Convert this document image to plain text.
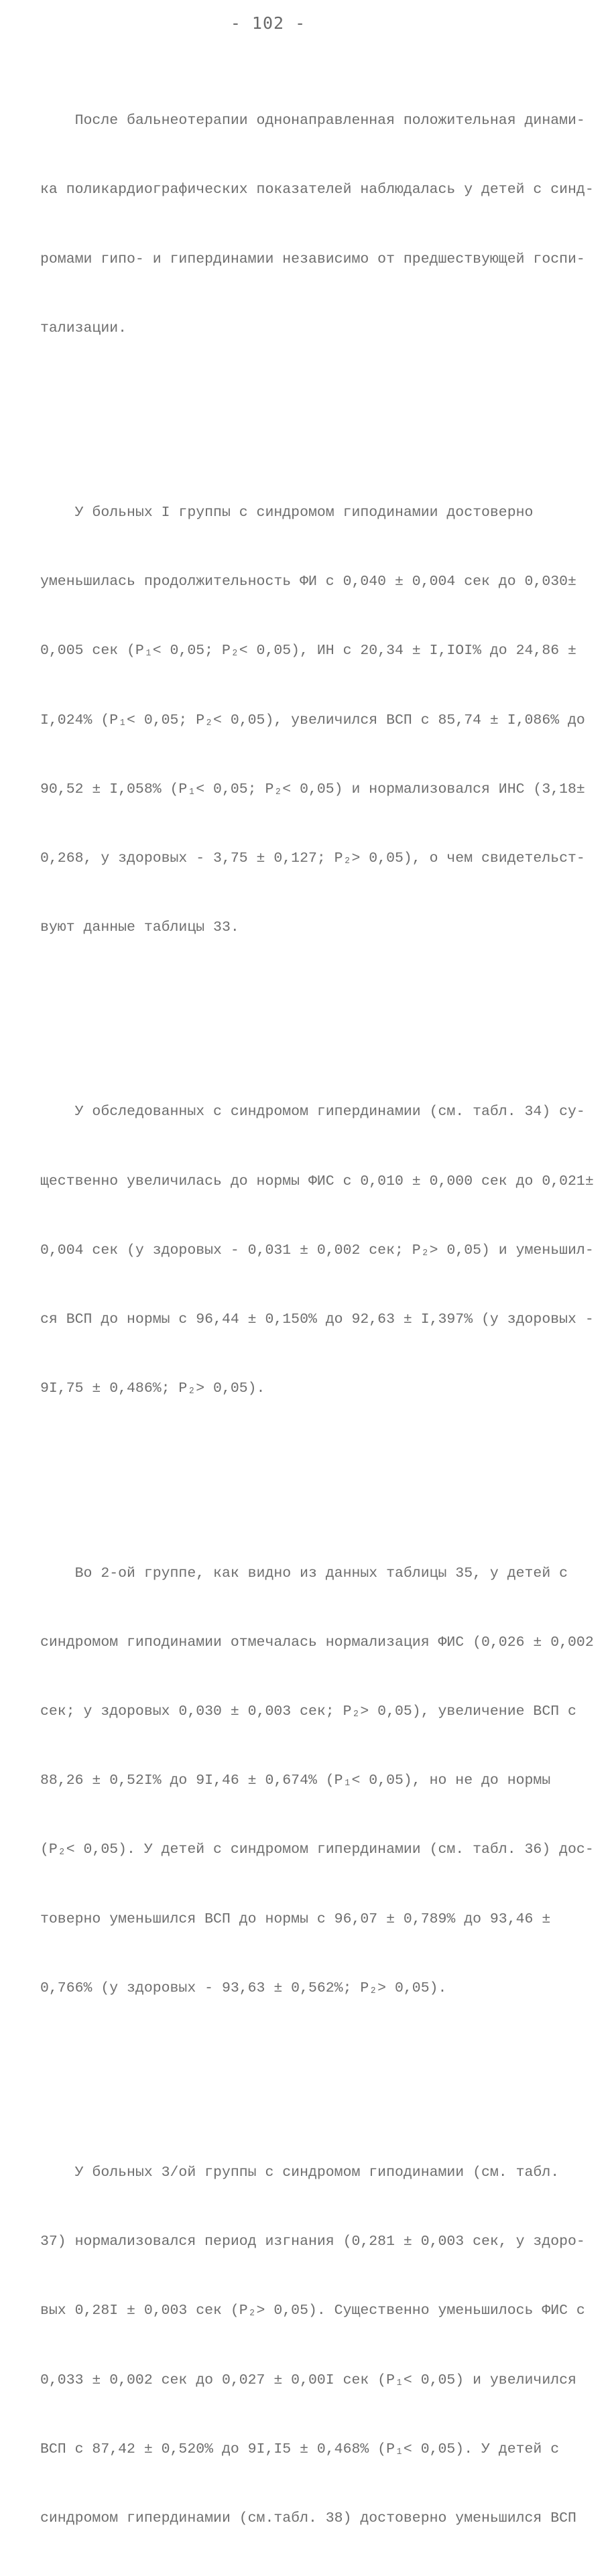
- 102 -

После бальнеотерапии однонаправленная положительная динами-

ка поликардиографических показателей наблюдалась у детей с синд-

ромами гипо- и гипердинамии независимо от предшествующей госпи-

тализации.

У больных I группы с синдромом гиподинамии достоверно

уменьшилась продолжительность ФИ с 0,040 ± 0,004 сек до 0,030±

0,005 сек (P₁< 0,05; P₂< 0,05), ИН с 20,34 ± I,IOI% до 24,86 ±

I,024% (P₁< 0,05; P₂< 0,05), увеличился ВСП с 85,74 ± I,086% до

90,52 ± I,058% (P₁< 0,05; P₂< 0,05) и нормализовался ИНС (3,18±

0,268, у здоровых - 3,75 ± 0,127; P₂> 0,05), о чем свидетельст-

вуют данные таблицы 33.

У обследованных с синдромом гипердинамии (см. табл. 34) су-

щественно увеличилась до нормы ФИС с 0,010 ± 0,000 сек до 0,021±

0,004 сек (у здоровых - 0,031 ± 0,002 сек; P₂> 0,05) и уменьшил-

ся ВСП до нормы с 96,44 ± 0,150% до 92,63 ± I,397% (у здоровых -

9I,75 ± 0,486%; P₂> 0,05).

Во 2-ой группе, как видно из данных таблицы 35, у детей с

синдромом гиподинамии отмечалась нормализация ФИС (0,026 ± 0,002

сек; у здоровых 0,030 ± 0,003 сек; P₂> 0,05), увеличение ВСП с

88,26 ± 0,52I% до 9I,46 ± 0,674% (P₁< 0,05), но не до нормы

(P₂< 0,05). У детей с синдромом гипердинамии (см. табл. 36) дос-

товерно уменьшился ВСП до нормы с 96,07 ± 0,789% до 93,46 ±

0,766% (у здоровых - 93,63 ± 0,562%; P₂> 0,05).

У больных 3/ой группы с синдромом гиподинамии (см. табл.

37) нормализовался период изгнания (0,281 ± 0,003 сек, у здоро-

вых 0,28I ± 0,003 сек (P₂> 0,05). Существенно уменьшилось ФИС с

0,033 ± 0,002 сек до 0,027 ± 0,00I сек (P₁< 0,05) и увеличился

ВСП с 87,42 ± 0,520% до 9I,I5 ± 0,468% (P₁< 0,05). У детей с

синдромом гипердинамии (см.табл. 38) достоверно уменьшился ВСП
